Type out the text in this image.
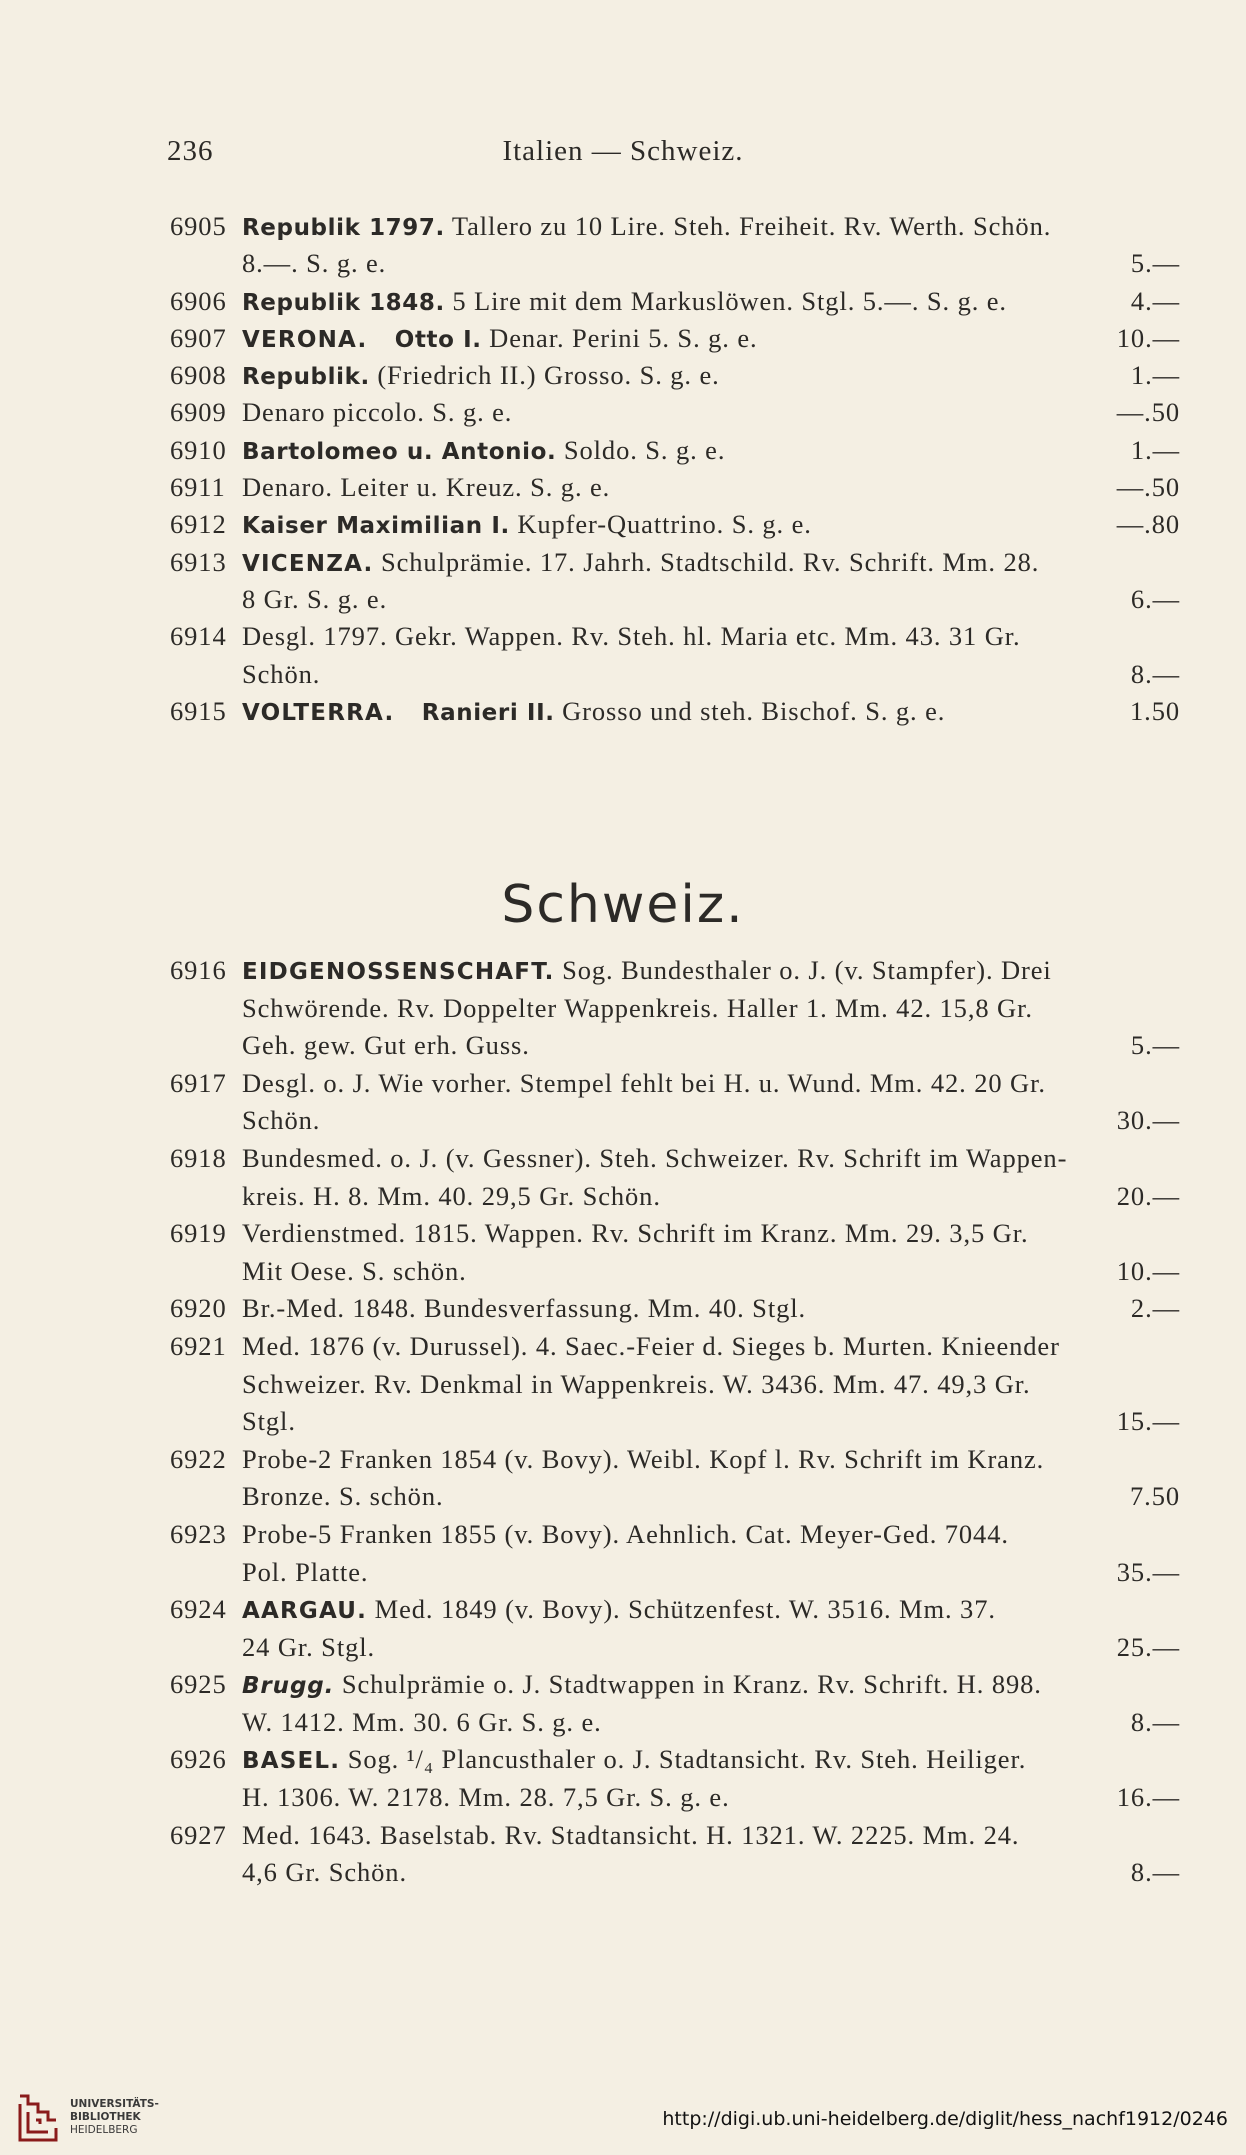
236	Italien — Schweiz.
6905 Republik 1797. Tallero zu 10 Lire. Steh. Freiheit. Rv. Werth. Schön.
8.—. S. g. e.	5.—
6906 Republik 1848. 5 Lire mit dem Markuslöwen. Stgl. 5.—. S. g. e.	4.—
6907 VERONA.  Otto I. Denar. Perini 5. S. g. e.	10.—
6908 Republik. (Friedrich II.) Grosso. S. g. e.	1.—
6909 Denaro piccolo. S. g. e.	—.50
6910 Bartolomeo u. Antonio. Soldo. S. g. e.	1.—
6911 Denaro. Leiter u. Kreuz. S. g. e.	—.50
6912 Kaiser Maximilian I. Kupfer-Quattrino. S. g. e.	—.80
6913 VICENZA. Schulprämie. 17. Jahrh. Stadtschild. Rv. Schrift. Mm. 28.
8 Gr. S. g. e.	6.—
6914 Desgl. 1797. Gekr. Wappen. Rv. Steh. hl. Maria etc. Mm. 43. 31 Gr.
Schön.	8.—
6915 VOLTERRA.  Ranieri II. Grosso und steh. Bischof. S. g. e.	1.50
Schweiz.
6916 EIDGENOSSENSCHAFT. Sog. Bundesthaler o. J. (v. Stampfer). Drei
Schwörende. Rv. Doppelter Wappenkreis. Haller 1. Mm. 42. 15,8 Gr.
Geh. gew. Gut erh. Guss.	5.—
6917 Desgl. o. J. Wie vorher. Stempel fehlt bei H. u. Wund. Mm. 42. 20 Gr.
Schön.	30.—
6918 Bundesmed. o. J. (v. Gessner). Steh. Schweizer. Rv. Schrift im Wappen-
kreis. H. 8. Mm. 40. 29,5 Gr. Schön.	20.—
6919 Verdienstmed. 1815. Wappen. Rv. Schrift im Kranz. Mm. 29. 3,5 Gr.
Mit Oese. S. schön.	10.—
6920 Br.-Med. 1848. Bundesverfassung. Mm. 40. Stgl.	2.—
6921 Med. 1876 (v. Durussel). 4. Saec.-Feier d. Sieges b. Murten. Knieender
Schweizer. Rv. Denkmal in Wappenkreis. W. 3436. Mm. 47. 49,3 Gr.
Stgl.	15.—
6922 Probe-2 Franken 1854 (v. Bovy). Weibl. Kopf l. Rv. Schrift im Kranz.
Bronze. S. schön.	7.50
6923 Probe-5 Franken 1855 (v. Bovy). Aehnlich. Cat. Meyer-Ged. 7044.
Pol. Platte.	35.—
6924 AARGAU. Med. 1849 (v. Bovy). Schützenfest. W. 3516. Mm. 37.
24 Gr. Stgl.	25.—
6925 Brugg. Schulprämie o. J. Stadtwappen in Kranz. Rv. Schrift. H. 898.
W. 1412. Mm. 30. 6 Gr. S. g. e.	8.—
6926 BASEL. Sog. ¹/₄ Plancusthaler o. J. Stadtansicht. Rv. Steh. Heiliger.
H. 1306. W. 2178. Mm. 28. 7,5 Gr. S. g. e.	16.—
6927 Med. 1643. Baselstab. Rv. Stadtansicht. H. 1321. W. 2225. Mm. 24.
4,6 Gr. Schön.	8.—
UNIVERSITÄTS-
BIBLIOTHEK
HEIDELBERG	http://digi.ub.uni-heidelberg.de/diglit/hess_nachf1912/0246
